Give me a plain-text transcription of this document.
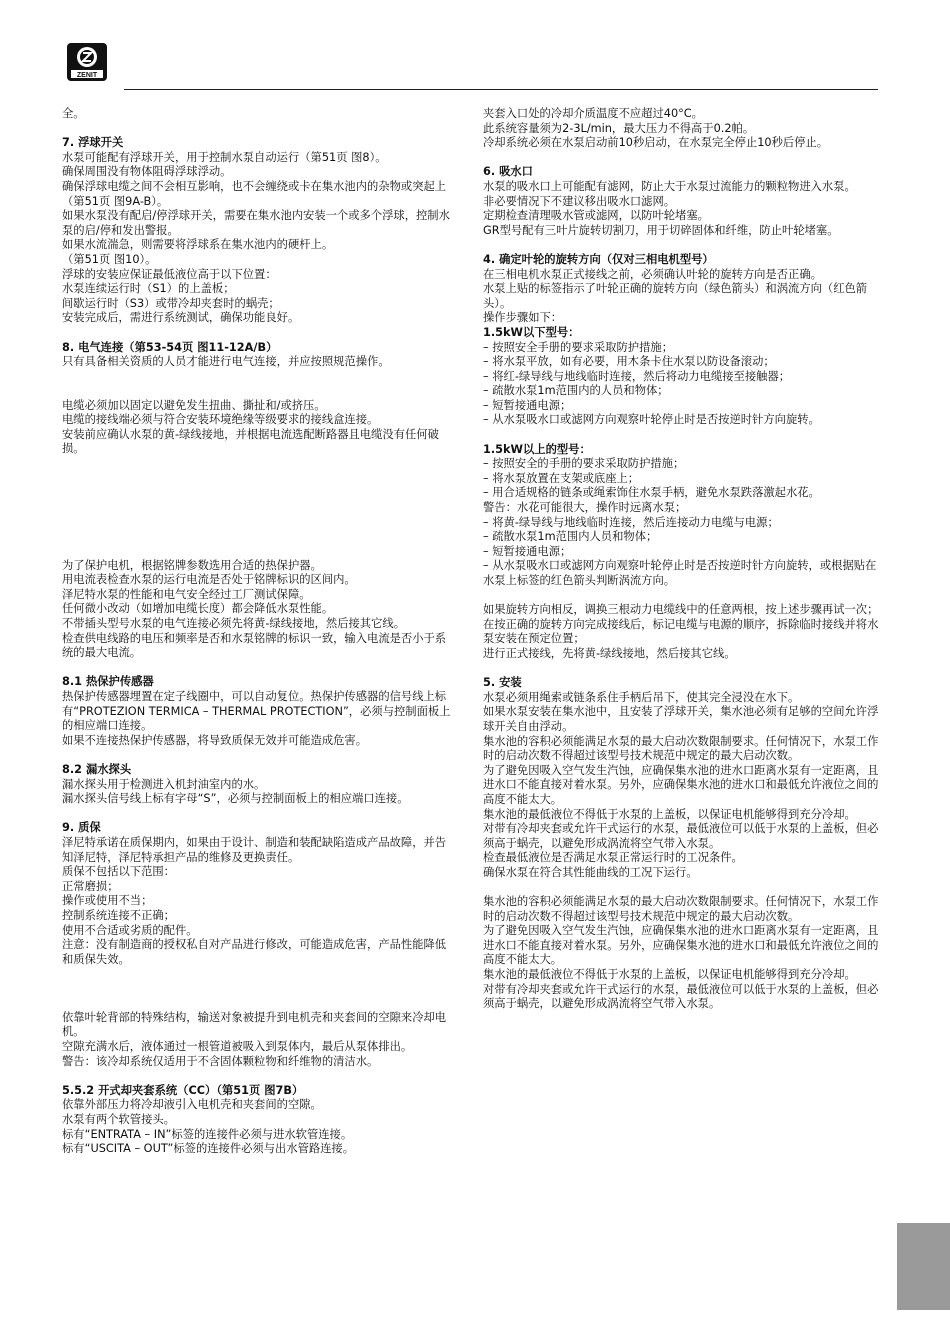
ZENIT
全。
7. 浮球开关
水泵可能配有浮球开关，用于控制水泵自动运行（第51页 图8）。
确保周围没有物体阻碍浮球浮动。
确保浮球电缆之间不会相互影响，也不会缠绕或卡在集水池内的杂物或突起上（第51页 图9A-B）。
如果水泵没有配启/停浮球开关，需要在集水池内安装一个或多个浮球，控制水泵的启/停和发出警报。
如果水流湍急，则需要将浮球系在集水池内的硬杆上。
（第51页 图10）。
浮球的安装应保证最低液位高于以下位置：
水泵连续运行时（S1）的上盖板；
间歇运行时（S3）或带冷却夹套时的蜗壳；
安装完成后，需进行系统测试，确保功能良好。
8. 电气连接（第53-54页 图11-12A/B）
只有具备相关资质的人员才能进行电气连接，并应按照规范操作。
电缆必须加以固定以避免发生扭曲、撕扯和/或挤压。
电缆的接线端必须与符合安装环境绝缘等级要求的接线盒连接。
安装前应确认水泵的黄-绿线接地，并根据电流选配断路器且电缆没有任何破损。
为了保护电机，根据铭牌参数选用合适的热保护器。
用电流表检查水泵的运行电流是否处于铭牌标识的区间内。
泽尼特水泵的性能和电气安全经过工厂测试保障。
任何微小改动（如增加电缆长度）都会降低水泵性能。
不带插头型号水泵的电气连接必须先将黄-绿线接地，然后接其它线。
检查供电线路的电压和频率是否和水泵铭牌的标识一致，输入电流是否小于系统的最大电流。
8.1 热保护传感器
热保护传感器埋置在定子线圈中，可以自动复位。热保护传感器的信号线上标有“PROTEZION TERMICA – THERMAL PROTECTION”，必须与控制面板上的相应端口连接。
如果不连接热保护传感器，将导致质保无效并可能造成危害。
8.2 漏水探头
漏水探头用于检测进入机封油室内的水。
漏水探头信号线上标有字母“S”，必须与控制面板上的相应端口连接。
9. 质保
泽尼特承诺在质保期内，如果由于设计、制造和装配缺陷造成产品故障，并告知泽尼特，泽尼特承担产品的维修及更换责任。
质保不包括以下范围：
正常磨损；
操作或使用不当；
控制系统连接不正确；
使用不合适或劣质的配件。
注意：没有制造商的授权私自对产品进行修改，可能造成危害，产品性能降低和质保失效。
依靠叶轮背部的特殊结构，输送对象被提升到电机壳和夹套间的空隙来冷却电机。
空隙充满水后，液体通过一根管道被吸入到泵体内，最后从泵体排出。
警告：该冷却系统仅适用于不含固体颗粒物和纤维物的清洁水。
5.5.2 开式却夹套系统（CC）（第51页 图7B）
依靠外部压力将冷却液引入电机壳和夹套间的空隙。
水泵有两个软管接头。
标有“ENTRATA – IN”标签的连接件必须与进水软管连接。
标有“USCITA – OUT”标签的连接件必须与出水管路连接。
夹套入口处的冷却介质温度不应超过40°C。
此系统容量须为2-3L/min，最大压力不得高于0.2帕。
冷却系统必须在水泵启动前10秒启动，在水泵完全停止10秒后停止。
6. 吸水口
水泵的吸水口上可能配有滤网，防止大于水泵过流能力的颗粒物进入水泵。
非必要情况下不建议移出吸水口滤网。
定期检查清理吸水管或滤网，以防叶轮堵塞。
GR型号配有三叶片旋转切割刀，用于切碎固体和纤维，防止叶轮堵塞。
4. 确定叶轮的旋转方向（仅对三相电机型号）
在三相电机水泵正式接线之前，必须确认叶轮的旋转方向是否正确。
水泵上贴的标签指示了叶轮正确的旋转方向（绿色箭头）和涡流方向（红色箭头）。
操作步骤如下：
1.5kW以下型号：
– 按照安全手册的要求采取防护措施；
– 将水泵平放，如有必要，用木条卡住水泵以防设备滚动；
– 将红-绿导线与地线临时连接，然后将动力电缆接至接触器；
– 疏散水泵1m范围内的人员和物体；
– 短暂接通电源；
– 从水泵吸水口或滤网方向观察叶轮停止时是否按逆时针方向旋转。
1.5kW以上的型号：
– 按照安全的手册的要求采取防护措施；
– 将水泵放置在支架或底座上；
– 用合适规格的链条或绳索饰住水泵手柄，避免水泵跌落激起水花。
警告：水花可能很大，操作时远离水泵；
– 将黄-绿导线与地线临时连接，然后连接动力电缆与电源；
– 疏散水泵1m范围内人员和物体；
– 短暂接通电源；
– 从水泵吸水口或滤网方向观察叶轮停止时是否按逆时针方向旋转，或根据贴在水泵上标签的红色箭头判断涡流方向。
如果旋转方向相反，调换三根动力电缆线中的任意两根，按上述步骤再试一次；
在按正确的旋转方向完成接线后，标记电缆与电源的顺序，拆除临时接线并将水泵安装在预定位置；
进行正式接线，先将黄-绿线接地，然后接其它线。
5. 安装
水泵必须用绳索或链条系住手柄后吊下，使其完全浸没在水下。
如果水泵安装在集水池中，且安装了浮球开关，集水池必须有足够的空间允许浮球开关自由浮动。
集水池的容积必须能满足水泵的最大启动次数限制要求。任何情况下，水泵工作时的启动次数不得超过该型号技术规范中规定的最大启动次数。
为了避免因吸入空气发生汽蚀，应确保集水池的进水口距离水泵有一定距离，且进水口不能直接对着水泵。另外，应确保集水池的进水口和最低允许液位之间的高度不能太大。
集水池的最低液位不得低于水泵的上盖板，以保证电机能够得到充分冷却。
对带有冷却夹套或允许干式运行的水泵，最低液位可以低于水泵的上盖板，但必须高于蜗壳，以避免形成涡流将空气带入水泵。
检查最低液位是否满足水泵正常运行时的工况条件。
确保水泵在符合其性能曲线的工况下运行。
集水池的容积必须能满足水泵的最大启动次数限制要求。任何情况下，水泵工作时的启动次数不得超过该型号技术规范中规定的最大启动次数。
为了避免因吸入空气发生汽蚀，应确保集水池的进水口距离水泵有一定距离，且进水口不能直接对着水泵。另外，应确保集水池的进水口和最低允许液位之间的高度不能太大。
集水池的最低液位不得低于水泵的上盖板，以保证电机能够得到充分冷却。
对带有冷却夹套或允许干式运行的水泵，最低液位可以低于水泵的上盖板，但必须高于蜗壳，以避免形成涡流将空气带入水泵。
